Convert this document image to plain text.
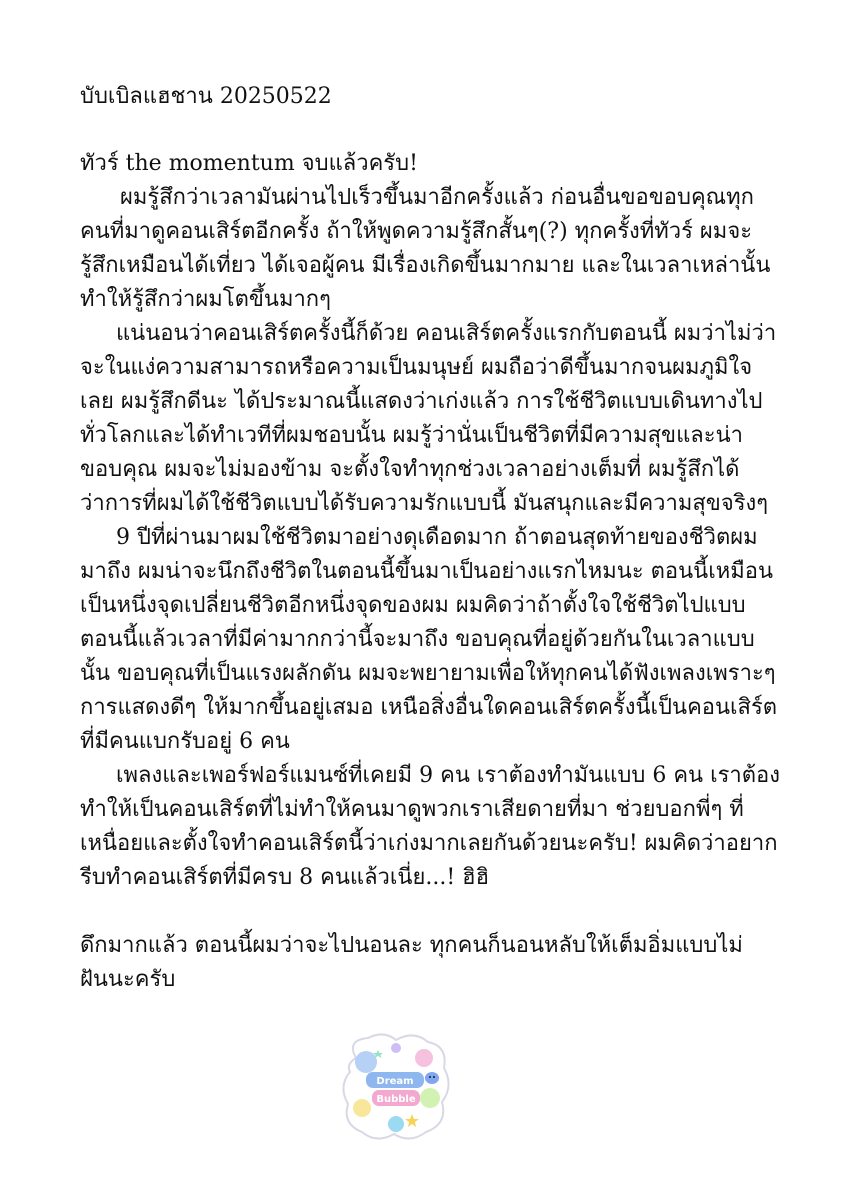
บับเบิลแฮชาน 20250522

ทัวร์ the momentum จบแล้วครับ!

ผมรู้สึกว่าเวลามันผ่านไปเร็วขึ้นมาอีกครั้งแล้ว ก่อนอื่นขอขอบคุณทุกคนที่มาดูคอนเสิร์ตอีกครั้ง ถ้าให้พูดความรู้สึกสั้นๆ(?) ทุกครั้งที่ทัวร์ ผมจะรู้สึกเหมือนได้เที่ยว ได้เจอผู้คน มีเรื่องเกิดขึ้นมากมาย และในเวลาเหล่านั้น ทำให้รู้สึกว่าผมโตขึ้นมากๆ

แน่นอนว่าคอนเสิร์ตครั้งนี้ก็ด้วย คอนเสิร์ตครั้งแรกกับตอนนี้ ผมว่าไม่ว่าจะในแง่ความสามารถหรือความเป็นมนุษย์ ผมถือว่าดีขึ้นมากจนผมภูมิใจเลย ผมรู้สึกดีนะ ได้ประมาณนี้แสดงว่าเก่งแล้ว การใช้ชีวิตแบบเดินทางไปทั่วโลกและได้ทำเวทีที่ผมชอบนั้น ผมรู้ว่านั่นเป็นชีวิตที่มีความสุขและน่าขอบคุณ ผมจะไม่มองข้าม จะตั้งใจทำทุกช่วงเวลาอย่างเต็มที่ ผมรู้สึกได้ว่าการที่ผมได้ใช้ชีวิตแบบได้รับความรักแบบนี้ มันสนุกและมีความสุขจริงๆ

9 ปีที่ผ่านมาผมใช้ชีวิตมาอย่างดุเดือดมาก ถ้าตอนสุดท้ายของชีวิตผมมาถึง ผมน่าจะนึกถึงชีวิตในตอนนี้ขึ้นมาเป็นอย่างแรกไหมนะ ตอนนี้เหมือนเป็นหนึ่งจุดเปลี่ยนชีวิตอีกหนึ่งจุดของผม ผมคิดว่าถ้าตั้งใจใช้ชีวิตไปแบบตอนนี้แล้วเวลาที่มีค่ามากกว่านี้จะมาถึง ขอบคุณที่อยู่ด้วยกันในเวลาแบบนั้น ขอบคุณที่เป็นแรงผลักดัน ผมจะพยายามเพื่อให้ทุกคนได้ฟังเพลงเพราะๆ การแสดงดีๆ ให้มากขึ้นอยู่เสมอ เหนือสิ่งอื่นใดคอนเสิร์ตครั้งนี้เป็นคอนเสิร์ตที่มีคนแบกรับอยู่ 6 คน

เพลงและเพอร์ฟอร์แมนซ์ที่เคยมี 9 คน เราต้องทำมันแบบ 6 คน เราต้องทำให้เป็นคอนเสิร์ตที่ไม่ทำให้คนมาดูพวกเราเสียดายที่มา ช่วยบอกพี่ๆ ที่เหนื่อยและตั้งใจทำคอนเสิร์ตนี้ว่าเก่งมากเลยกันด้วยนะครับ! ผมคิดว่าอยากรีบทำคอนเสิร์ตที่มีครบ 8 คนแล้วเนี่ย...! ฮิฮิ

ดึกมากแล้ว ตอนนี้ผมว่าจะไปนอนละ ทุกคนก็นอนหลับให้เต็มอิ่มแบบไม่ฝันนะครับ

Dream
Bubble
